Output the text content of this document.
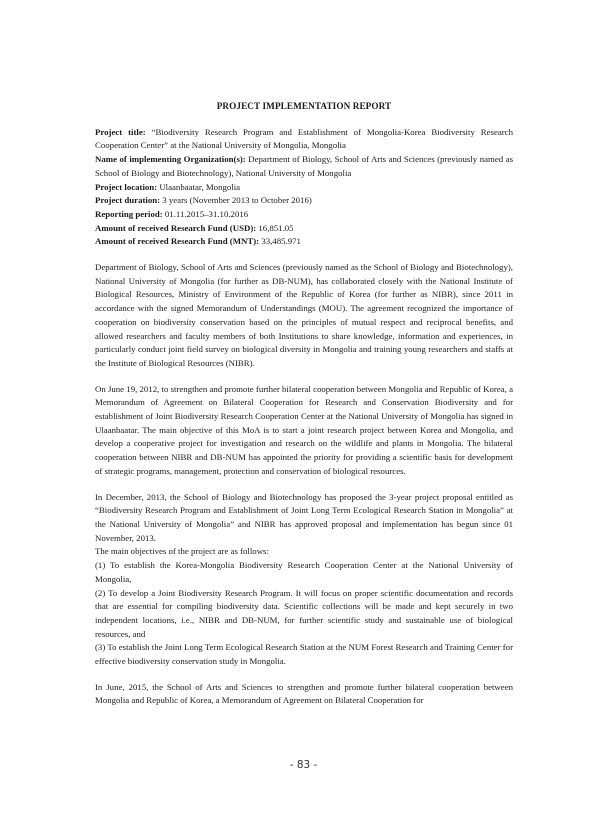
PROJECT IMPLEMENTATION REPORT

Project title: “Biodiversity Research Program and Establishment of Mongolia-Korea Biodiversity Research Cooperation Center” at the National University of Mongolia, Mongolia

Name of implementing Organization(s): Department of Biology, School of Arts and Sciences (previously named as School of Biology and Biotechnology), National University of Mongolia

Project location: Ulaanbaatar, Mongolia

Project duration: 3 years (November 2013 to October 2016)

Reporting period: 01.11.2015–31.10.2016

Amount of received Research Fund (USD): 16,851.05

Amount of received Research Fund (MNT): 33,485.971

Department of Biology, School of Arts and Sciences (previously named as the School of Biology and Biotechnology), National University of Mongolia (for further as DB-NUM), has collaborated closely with the National Institute of Biological Resources, Ministry of Environment of the Republic of Korea (for further as NIBR), since 2011 in accordance with the signed Memorandum of Understandings (MOU). The agreement recognized the importance of cooperation on biodiversity conservation based on the principles of mutual respect and reciprocal benefits, and allowed researchers and faculty members of both Institutions to share knowledge, information and experiences, in particularly conduct joint field survey on biological diversity in Mongolia and training young researchers and staffs at the Institute of Biological Resources (NIBR).

On June 19, 2012, to strengthen and promote further bilateral cooperation between Mongolia and Republic of Korea, a Memorandum of Agreement on Bilateral Cooperation for Research and Conservation Biodiversity and for establishment of Joint Biodiversity Research Cooperation Center at the National University of Mongolia has signed in Ulaanbaatar. The main objective of this MoA is to start a joint research project between Korea and Mongolia, and develop a cooperative project for investigation and research on the wildlife and plants in Mongolia. The bilateral cooperation between NIBR and DB-NUM has appointed the priority for providing a scientific basis for development of strategic programs, management, protection and conservation of biological resources.

In December, 2013, the School of Biology and Biotechnology has proposed the 3-year project proposal entitled as “Biodiversity Research Program and Establishment of Joint Long Term Ecological Research Station in Mongolia” at the National University of Mongolia” and NIBR has approved proposal and implementation has begun since 01 November, 2013.

The main objectives of the project are as follows:

(1) To establish the Korea-Mongolia Biodiversity Research Cooperation Center at the National University of Mongolia,

(2) To develop a Joint Biodiversity Research Program. It will focus on proper scientific documentation and records that are essential for compiling biodiversity data. Scientific collections will be made and kept securely in two independent locations, i.e., NIBR and DB-NUM, for further scientific study and sustainable use of biological resources, and

(3) To establish the Joint Long Term Ecological Research Station at the NUM Forest Research and Training Center for effective biodiversity conservation study in Mongolia.

In June, 2015, the School of Arts and Sciences to strengthen and promote further bilateral cooperation between Mongolia and Republic of Korea, a Memorandum of Agreement on Bilateral Cooperation for

- 83 -
